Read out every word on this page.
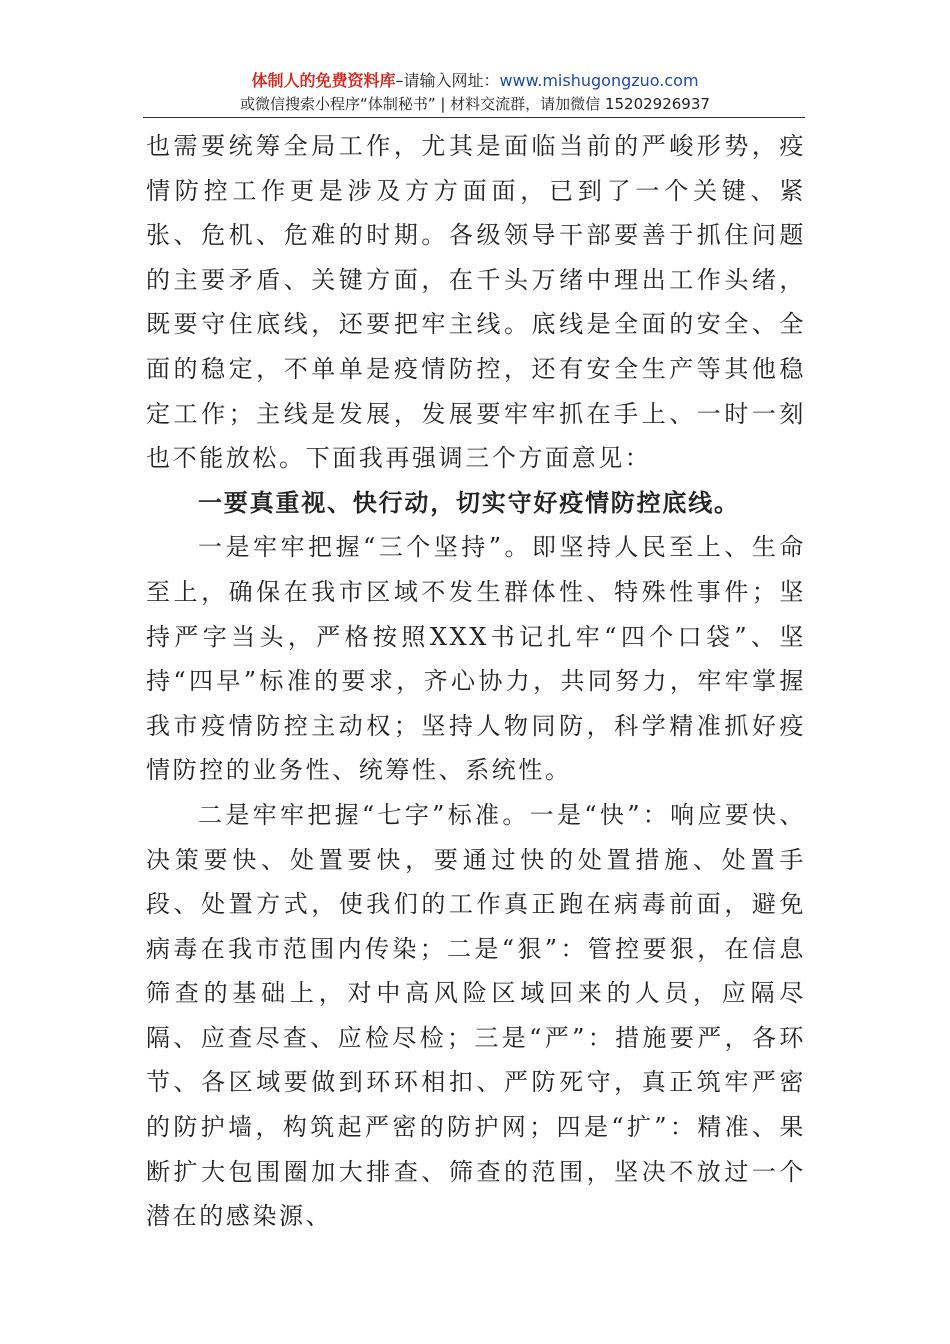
体制人的免费资料库–请输入网址：www.mishugongzuo.com
或微信搜索小程序“体制秘书” | 材料交流群，请加微信 15202926937

也需要统筹全局工作，尤其是面临当前的严峻形势，疫情防控工作更是涉及方方面面，已到了一个关键、紧张、危机、危难的时期。各级领导干部要善于抓住问题的主要矛盾、关键方面，在千头万绪中理出工作头绪，既要守住底线，还要把牢主线。底线是全面的安全、全面的稳定，不单单是疫情防控，还有安全生产等其他稳定工作；主线是发展，发展要牢牢抓在手上、一时一刻也不能放松。下面我再强调三个方面意见：

一要真重视、快行动，切实守好疫情防控底线。

一是牢牢把握“三个坚持”。即坚持人民至上、生命至上，确保在我市区域不发生群体性、特殊性事件；坚持严字当头，严格按照XXX书记扎牢“四个口袋”、坚持“四早”标准的要求，齐心协力，共同努力，牢牢掌握我市疫情防控主动权；坚持人物同防，科学精准抓好疫情防控的业务性、统筹性、系统性。

二是牢牢把握“七字”标准。一是“快”：响应要快、决策要快、处置要快，要通过快的处置措施、处置手段、处置方式，使我们的工作真正跑在病毒前面，避免病毒在我市范围内传染；二是“狠”：管控要狠，在信息筛查的基础上，对中高风险区域回来的人员，应隔尽隔、应查尽查、应检尽检；三是“严”：措施要严，各环节、各区域要做到环环相扣、严防死守，真正筑牢严密的防护墙，构筑起严密的防护网；四是“扩”：精准、果断扩大包围圈加大排查、筛查的范围，坚决不放过一个潜在的感染源、
